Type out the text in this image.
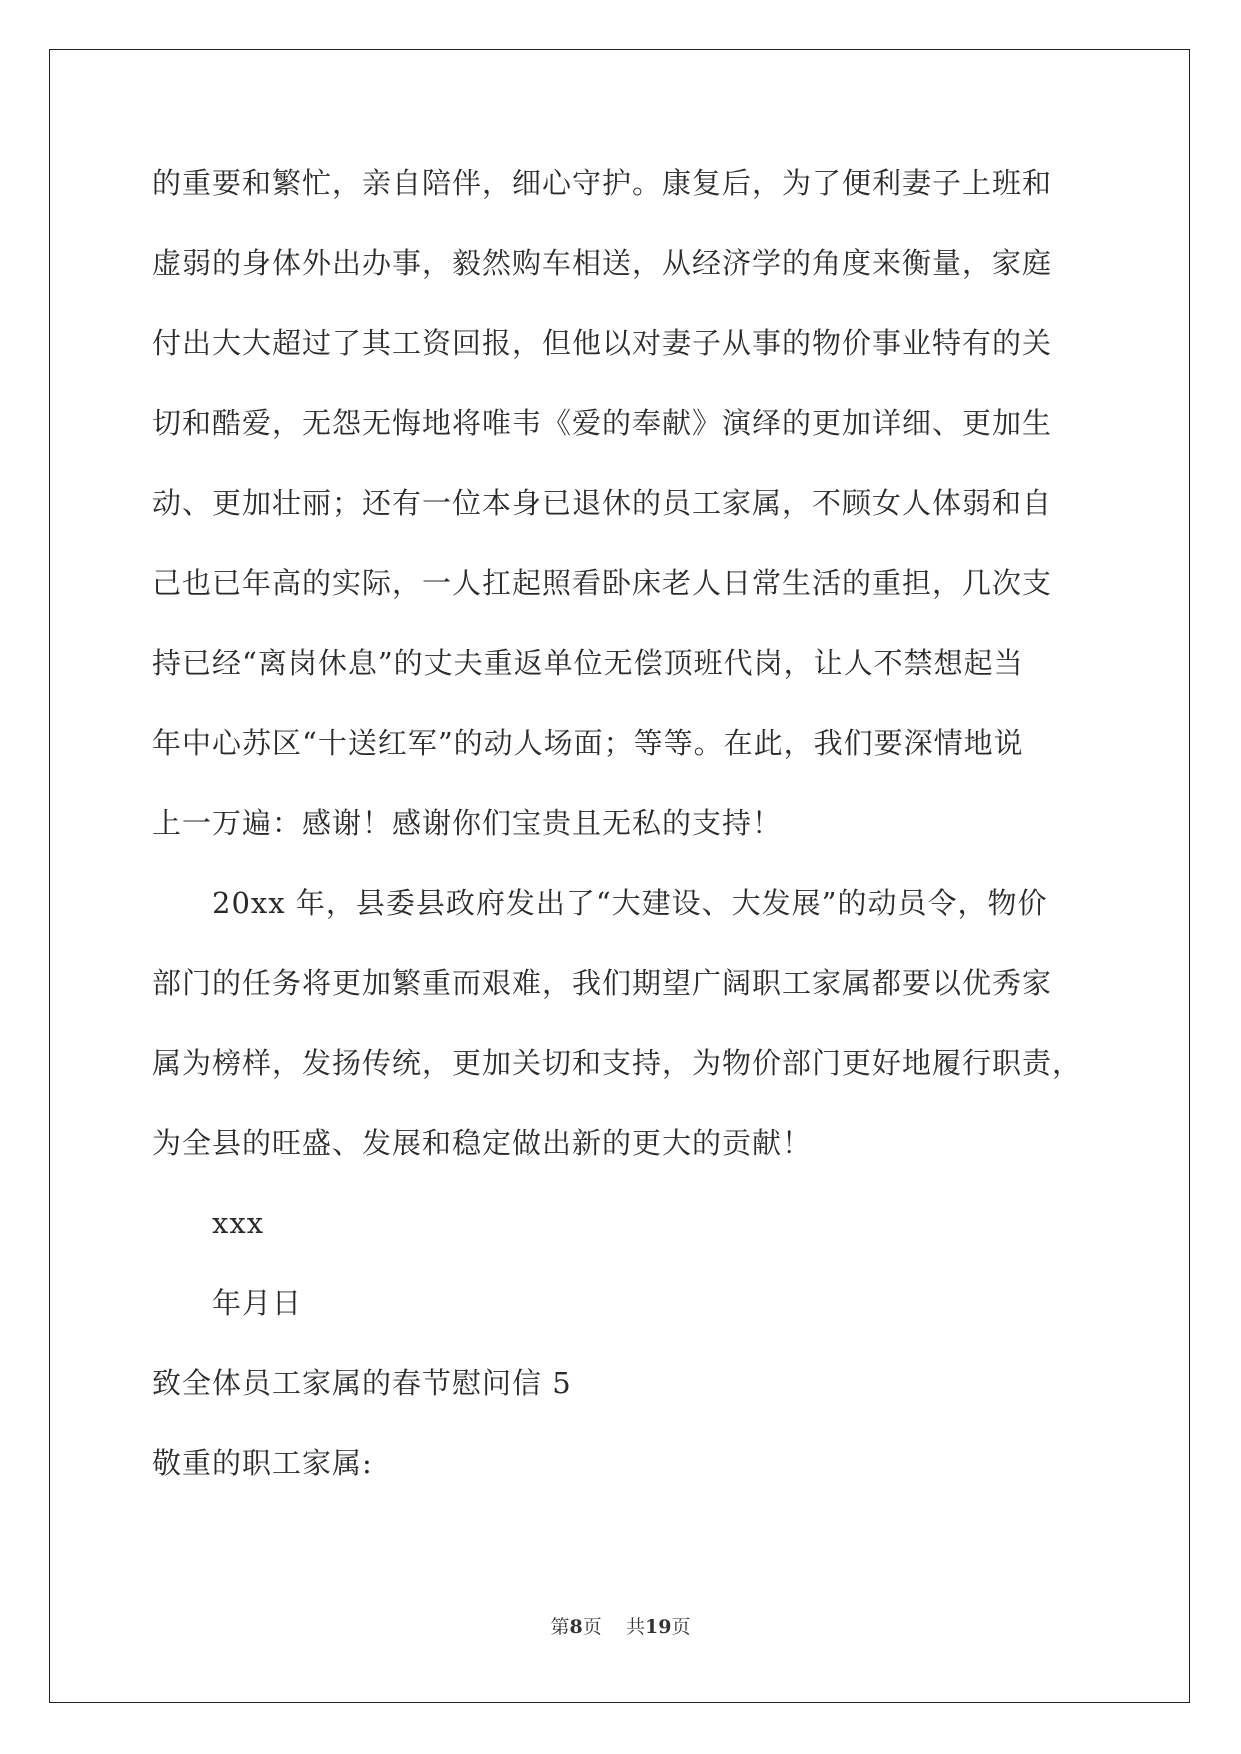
的重要和繁忙，亲自陪伴，细心守护。康复后，为了便利妻子上班和
虚弱的身体外出办事，毅然购车相送，从经济学的角度来衡量，家庭
付出大大超过了其工资回报，但他以对妻子从事的物价事业特有的关
切和酷爱，无怨无悔地将唯韦《爱的奉献》演绎的更加详细、更加生
动、更加壮丽；还有一位本身已退休的员工家属，不顾女人体弱和自
己也已年高的实际，一人扛起照看卧床老人日常生活的重担，几次支
持已经“离岗休息”的丈夫重返单位无偿顶班代岗，让人不禁想起当
年中心苏区“十送红军”的动人场面；等等。在此，我们要深情地说
上一万遍：感谢！感谢你们宝贵且无私的支持！
20xx 年，县委县政府发出了“大建设、大发展”的动员令，物价
部门的任务将更加繁重而艰难，我们期望广阔职工家属都要以优秀家
属为榜样，发扬传统，更加关切和支持，为物价部门更好地履行职责，
为全县的旺盛、发展和稳定做出新的更大的贡献！
xxx
年月日
致全体员工家属的春节慰问信 5
敬重的职工家属:
第8页 共19页
